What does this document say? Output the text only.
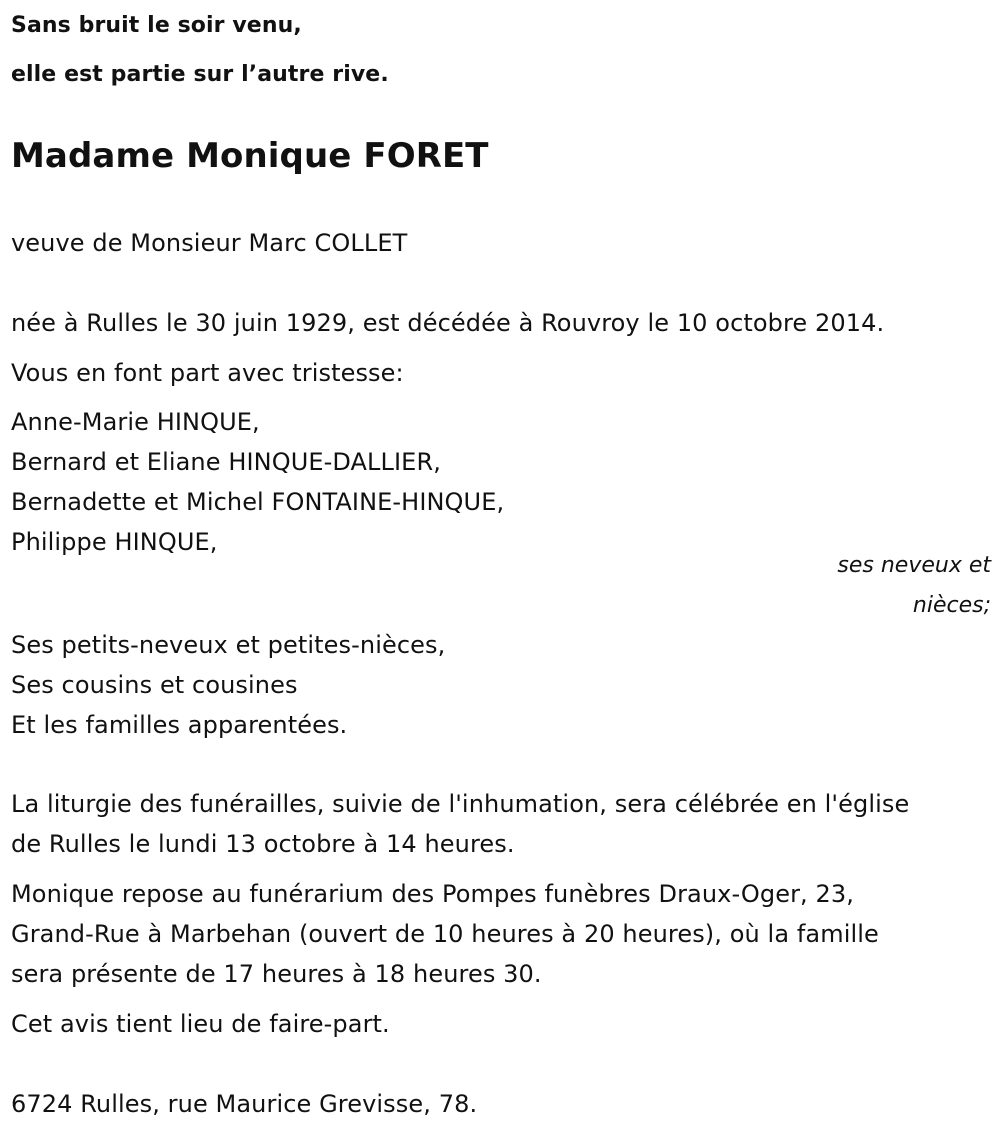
Sans bruit le soir venu,
elle est partie sur l’autre rive.
Madame Monique FORET
veuve de Monsieur Marc COLLET
née à Rulles le 30 juin 1929, est décédée à Rouvroy le 10 octobre 2014.
Vous en font part avec tristesse:
Anne-Marie HINQUE,
Bernard et Eliane HINQUE-DALLIER,
Bernadette et Michel FONTAINE-HINQUE,
Philippe HINQUE,
ses neveux et
nièces;
Ses petits-neveux et petites-nièces,
Ses cousins et cousines
Et les familles apparentées.
La liturgie des funérailles, suivie de l'inhumation, sera célébrée en l'église
de Rulles le lundi 13 octobre à 14 heures.
Monique repose au funérarium des Pompes funèbres Draux-Oger, 23,
Grand-Rue à Marbehan (ouvert de 10 heures à 20 heures), où la famille
sera présente de 17 heures à 18 heures 30.
Cet avis tient lieu de faire-part.
6724 Rulles, rue Maurice Grevisse, 78.
